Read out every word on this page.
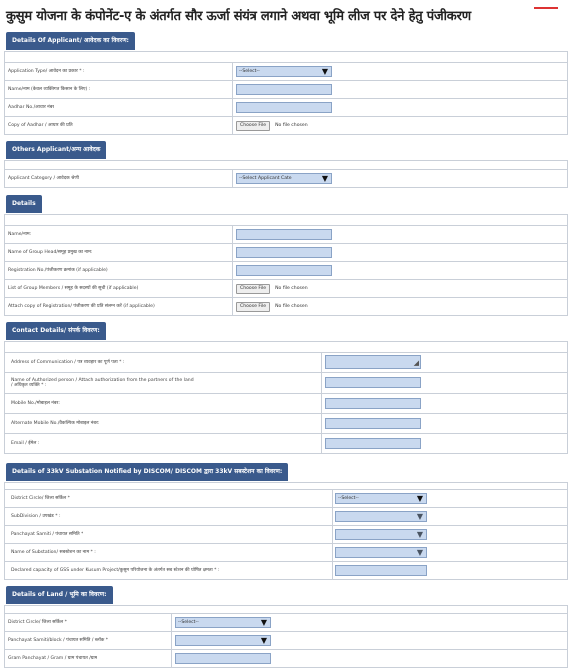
कुसुम योजना के कंपोनेंट-ए के अंतर्गत सौर ऊर्जा संयंत्र लगाने अथवा भूमि लीज पर देने हेतु पंजीकरण
Details Of Applicant/ आवेदक का विवरण:
Application Type/ आवेदन का प्रकार * :	--Select--	▼
Name/नाम (केवल व्यक्तिगत किसान के लिए) :
Aadhar No./आधार नंबर
Copy of Aadhar / आधार की प्रति	Choose File	No file chosen
Others Applicant/अन्य आवेदक
Applicant Category / आवेदक श्रेणी	--Select Applicant Cate	▼
Details
Name/नाम:
Name of Group Head/समूह प्रमुख का नाम:
Registration No./पंजीकरण क्रमांक (if applicable)
List of Group Members / समूह के सदस्यों की सूची (if applicable)	Choose File	No file chosen
Attach copy of Registration/ पंजीकरण की प्रति संलग्न करें (if applicable)	Choose File	No file chosen
Contact Details/ संपर्क विवरण:
Address of Communication / पत्र व्यवहार का पूर्ण पता * :	◢
Name of Authorized person / Attach authorization from the partners of the land
/ अधिकृत व्यक्ति * :
Mobile No./मोबाइल नंबर:
Alternate Mobile No./वैकल्पिक मोबाइल नंबर:
Email / ईमेल :
Details of 33kV Substation Notified by DISCOM/ DISCOM द्वारा 33kV सबस्टेशन का विवरण:
District Circle/ जिला सर्किल *	--Select--	▼
SubDivision / उपखंड * :	▼
Panchayat Samiti / पंचायत समिति *	▼
Name of Substation/ सबस्टेशन का नाम * :	▼
Declared capacity of GSS under Kusum Project/कुसुम परियोजना के अंतर्गत सब स्टेशन की घोषित क्षमता * :
Details of Land / भूमि का विवरण:
District Circle/ जिला सर्किल *	--Select--	▼
Panchayat Samiti/block / पंचायत समिति / ब्लॉक *	▼
Gram Panchayat / Gram / ग्राम पंचायत /ग्राम
